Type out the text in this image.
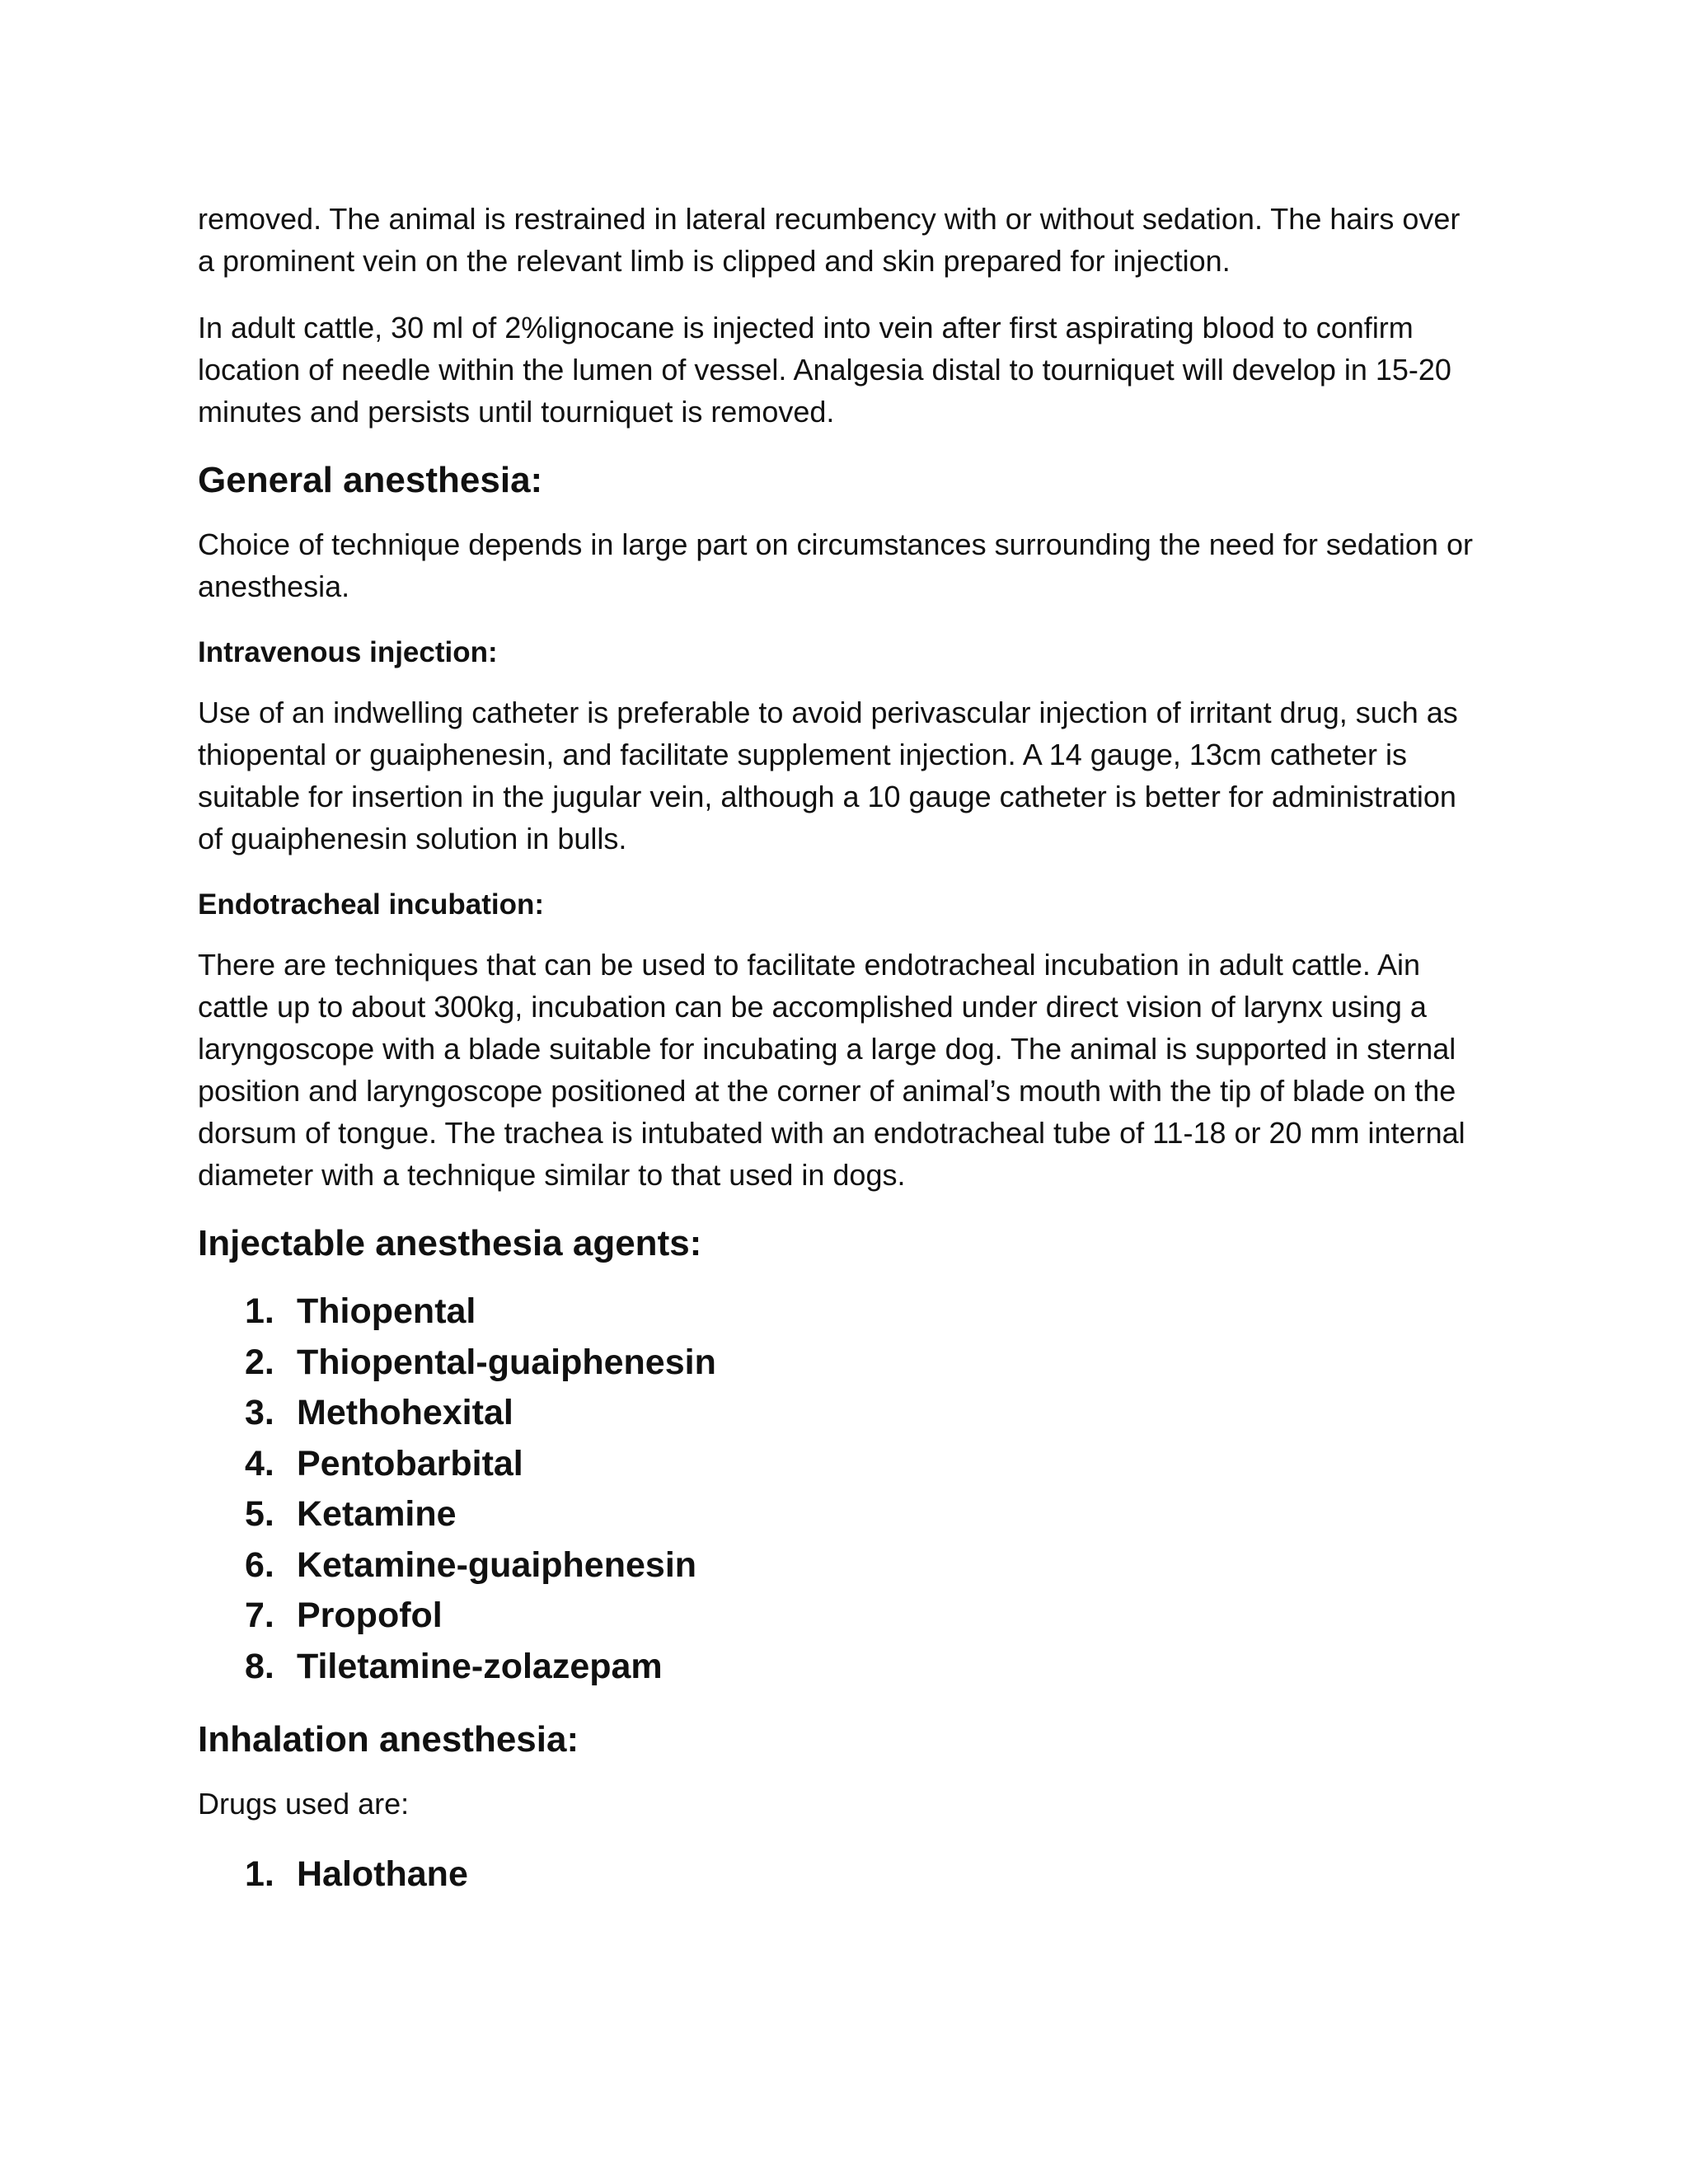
removed. The animal is restrained in lateral recumbency with or without sedation. The hairs over a prominent vein on the relevant limb is clipped and skin prepared for injection.

In adult cattle, 30 ml of 2%lignocane is injected into vein after first aspirating blood to confirm location of needle within the lumen of vessel. Analgesia distal to tourniquet will develop in 15-20 minutes and persists until tourniquet is removed.

General anesthesia:

Choice of technique depends in large part on circumstances surrounding the need for sedation or anesthesia.

Intravenous injection:

Use of an indwelling catheter is preferable to avoid perivascular injection of irritant drug, such as thiopental or guaiphenesin, and facilitate supplement injection. A 14 gauge, 13cm catheter is suitable for insertion in the jugular vein, although a 10 gauge catheter is better for administration of guaiphenesin solution in bulls.

Endotracheal incubation:

There are techniques that can be used to facilitate endotracheal incubation in adult cattle. Ain cattle up to about 300kg, incubation can be accomplished under direct vision of larynx using a laryngoscope with a blade suitable for incubating a large dog. The animal is supported in sternal position and laryngoscope positioned at the corner of animal’s mouth with the tip of blade on the dorsum of tongue. The trachea is intubated with an endotracheal tube of 11-18 or 20 mm internal diameter with a technique similar to that used in dogs.

Injectable anesthesia agents:
1. Thiopental
2. Thiopental-guaiphenesin
3. Methohexital
4. Pentobarbital
5. Ketamine
6. Ketamine-guaiphenesin
7. Propofol
8. Tiletamine-zolazepam
Inhalation anesthesia:

Drugs used are:

1. Halothane
